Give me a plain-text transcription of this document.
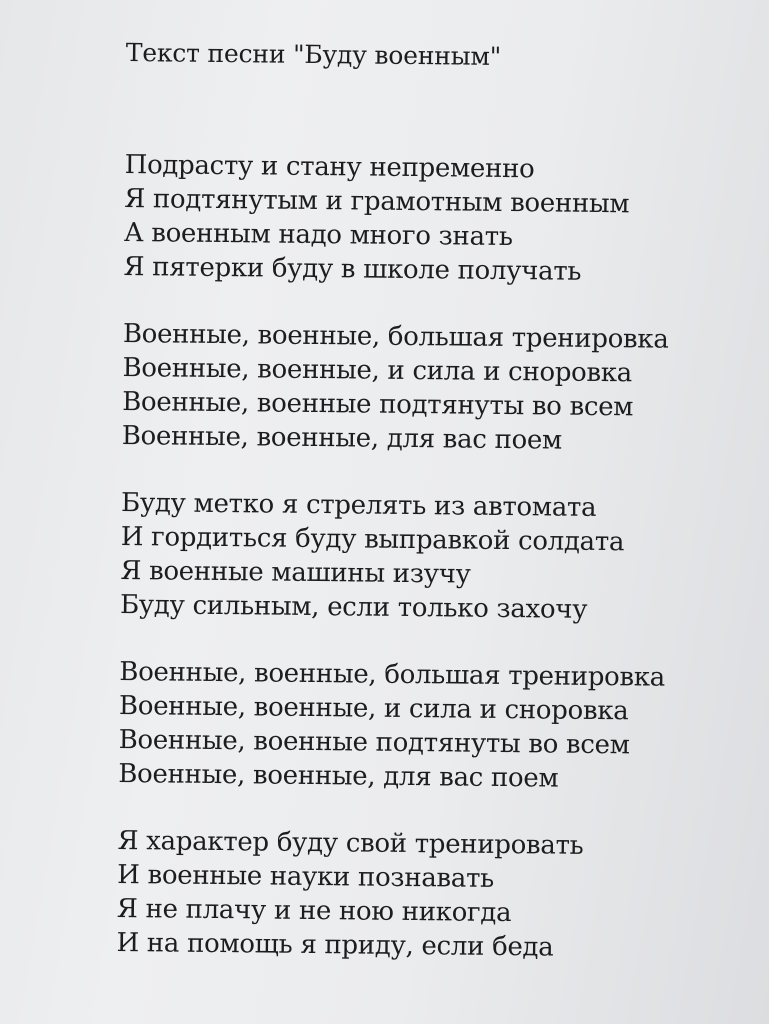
Текст песни "Буду военным"
Подрасту и стану непременно
Я подтянутым и грамотным военным
А военным надо много знать
Я пятерки буду в школе получать
Военные, военные, большая тренировка
Военные, военные, и сила и сноровка
Военные, военные подтянуты во всем
Военные, военные, для вас поем
Буду метко я стрелять из автомата
И гордиться буду выправкой солдата
Я военные машины изучу
Буду сильным, если только захочу
Военные, военные, большая тренировка
Военные, военные, и сила и сноровка
Военные, военные подтянуты во всем
Военные, военные, для вас поем
Я характер буду свой тренировать
И военные науки познавать
Я не плачу и не ною никогда
И на помощь я приду, если беда
